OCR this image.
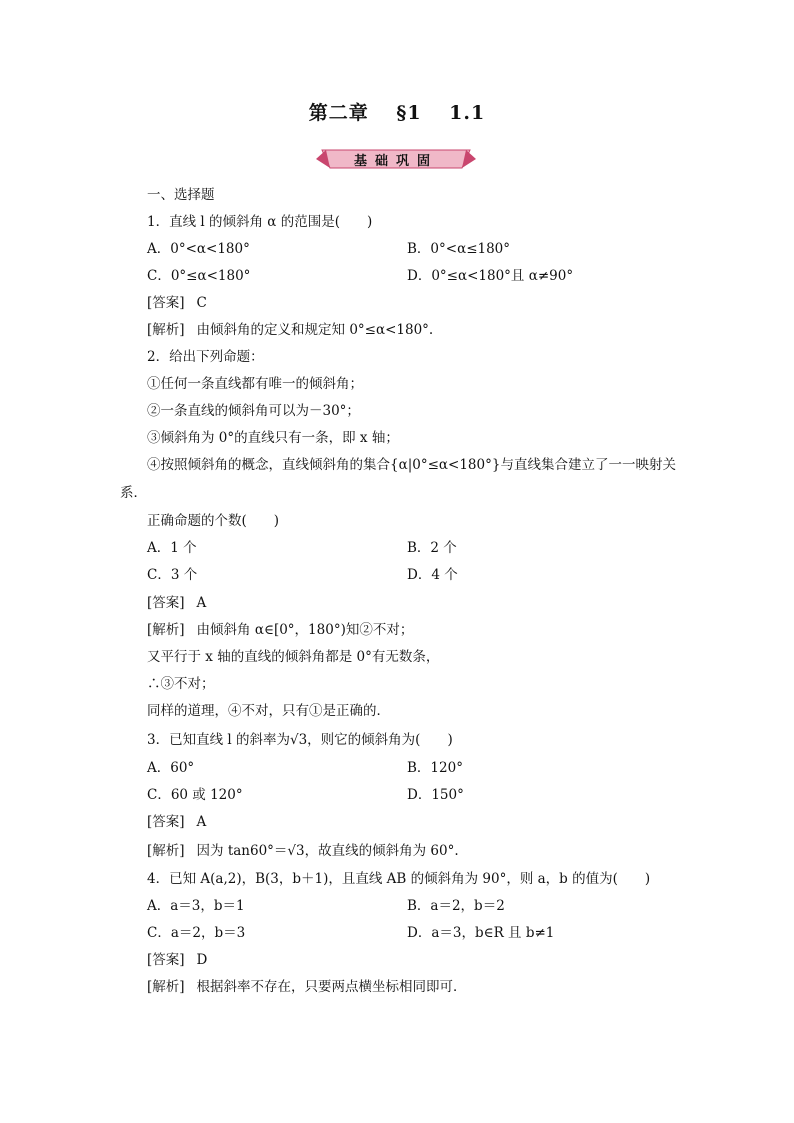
第二章 §1 1.1
基础巩固
一、选择题
1．直线 l 的倾斜角 α 的范围是(　　)
A．0°<α<180°	B．0°<α≤180°
C．0°≤α<180°	D．0°≤α<180°且 α≠90°
[答案] C
[解析] 由倾斜角的定义和规定知 0°≤α<180°.
2．给出下列命题：
①任何一条直线都有唯一的倾斜角；
②一条直线的倾斜角可以为－30°；
③倾斜角为 0°的直线只有一条，即 x 轴；
④按照倾斜角的概念，直线倾斜角的集合{α|0°≤α<180°}与直线集合建立了一一映射关
系．
正确命题的个数(　　)
A．1 个	B．2 个
C．3 个	D．4 个
[答案] A
[解析] 由倾斜角 α∈[0°，180°)知②不对；
又平行于 x 轴的直线的倾斜角都是 0°有无数条，
∴③不对；
同样的道理，④不对，只有①是正确的．
3．已知直线 l 的斜率为√3，则它的倾斜角为(　　)
A．60°	B．120°
C．60 或 120°	D．150°
[答案] A
[解析] 因为 tan60°＝√3，故直线的倾斜角为 60°.
4．已知 A(a,2)，B(3，b＋1)，且直线 AB 的倾斜角为 90°，则 a，b 的值为(　　)
A．a＝3，b＝1	B．a＝2，b＝2
C．a＝2，b＝3	D．a＝3，b∈R 且 b≠1
[答案] D
[解析] 根据斜率不存在，只要两点横坐标相同即可．
